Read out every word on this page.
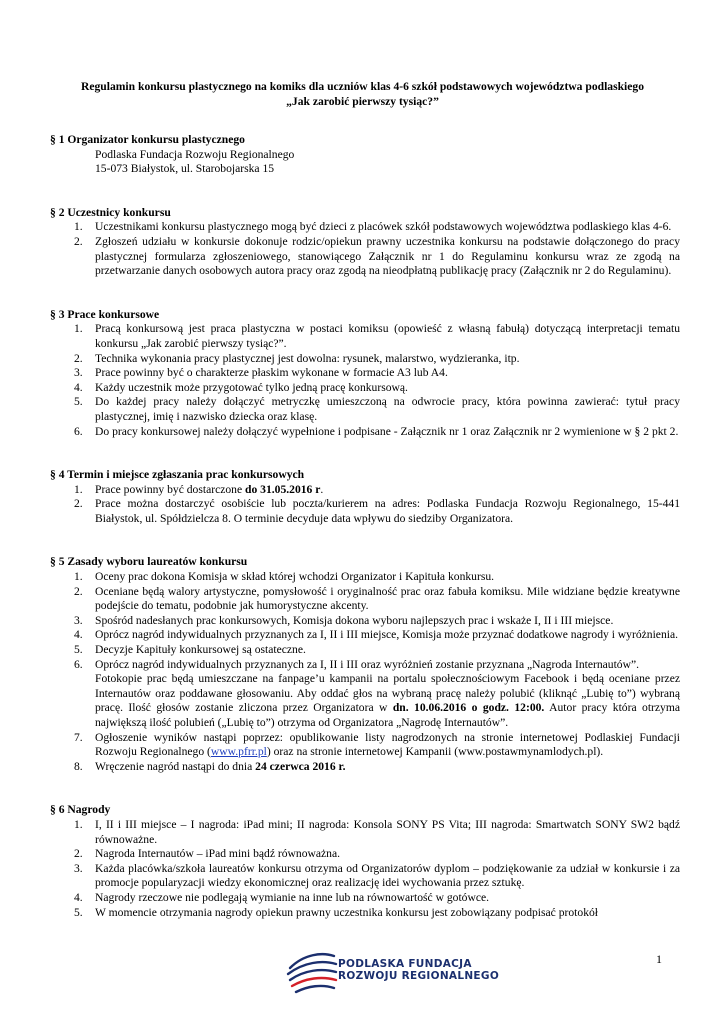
Regulamin konkursu plastycznego na komiks dla uczniów klas 4-6 szkół podstawowych województwa podlaskiego
„Jak zarobić pierwszy tysiąc?”

§ 1 Organizator konkursu plastycznego

Podlaska Fundacja Rozwoju Regionalnego
15-073 Białystok, ul. Starobojarska 15

§ 2 Uczestnicy konkursu

1. Uczestnikami konkursu plastycznego mogą być dzieci z placówek szkół podstawowych województwa podlaskiego klas 4-6.
2. Zgłoszeń udziału w konkursie dokonuje rodzic/opiekun prawny uczestnika konkursu na podstawie dołączonego do pracy plastycznej formularza zgłoszeniowego, stanowiącego Załącznik nr 1 do Regulaminu konkursu wraz ze zgodą na przetwarzanie danych osobowych autora pracy oraz zgodą na nieodpłatną publikację pracy (Załącznik nr 2 do Regulaminu).

§ 3 Prace konkursowe

1. Pracą konkursową jest praca plastyczna w postaci komiksu (opowieść z własną fabułą) dotyczącą interpretacji tematu konkursu „Jak zarobić pierwszy tysiąc?”.
2. Technika wykonania pracy plastycznej jest dowolna: rysunek, malarstwo, wydzieranka, itp.
3. Prace powinny być o charakterze płaskim wykonane w formacie A3 lub A4.
4. Każdy uczestnik może przygotować tylko jedną pracę konkursową.
5. Do każdej pracy należy dołączyć metryczkę umieszczoną na odwrocie pracy, która powinna zawierać: tytuł pracy plastycznej, imię i nazwisko dziecka oraz klasę.
6. Do pracy konkursowej należy dołączyć wypełnione i podpisane - Załącznik nr 1 oraz Załącznik nr 2 wymienione w § 2 pkt 2.

§ 4 Termin i miejsce zgłaszania prac konkursowych

1. Prace powinny być dostarczone do 31.05.2016 r.
2. Prace można dostarczyć osobiście lub poczta/kurierem na adres: Podlaska Fundacja Rozwoju Regionalnego, 15-441 Białystok, ul. Spółdzielcza 8. O terminie decyduje data wpływu do siedziby Organizatora.

§ 5 Zasady wyboru laureatów konkursu

1. Oceny prac dokona Komisja w skład której wchodzi Organizator i Kapituła konkursu.
2. Oceniane będą walory artystyczne, pomysłowość i oryginalność prac oraz fabuła komiksu. Mile widziane będzie kreatywne podejście do tematu, podobnie jak humorystyczne akcenty.
3. Spośród nadesłanych prac konkursowych, Komisja dokona wyboru najlepszych prac i wskaże I, II i III miejsce.
4. Oprócz nagród indywidualnych przyznanych za I, II i III miejsce, Komisja może przyznać dodatkowe nagrody i wyróżnienia.
5. Decyzje Kapituły konkursowej są ostateczne.
6. Oprócz nagród indywidualnych przyznanych za I, II i III oraz wyróżnień zostanie przyznana „Nagroda Internautów”.
Fotokopie prac będą umieszczane na fanpage’u kampanii na portalu społecznościowym Facebook i będą oceniane przez Internautów oraz poddawane głosowaniu. Aby oddać głos na wybraną pracę należy polubić (kliknąć „Lubię to”) wybraną pracę. Ilość głosów zostanie zliczona przez Organizatora w dn. 10.06.2016 o godz. 12:00. Autor pracy która otrzyma największą ilość polubień („Lubię to”) otrzyma od Organizatora „Nagrodę Internautów”.
7. Ogłoszenie wyników nastąpi poprzez: opublikowanie listy nagrodzonych na stronie internetowej Podlaskiej Fundacji Rozwoju Regionalnego (www.pfrr.pl) oraz na stronie internetowej Kampanii (www.postawmynamlodych.pl).
8. Wręczenie nagród nastąpi do dnia 24 czerwca 2016 r.

§ 6 Nagrody

1. I, II i III miejsce – I nagroda: iPad mini; II nagroda: Konsola SONY PS Vita; III nagroda: Smartwatch SONY SW2 bądź równoważne.
2. Nagroda Internautów – iPad mini bądź równoważna.
3. Każda placówka/szkoła laureatów konkursu otrzyma od Organizatorów dyplom – podziękowanie za udział w konkursie i za promocje popularyzacji wiedzy ekonomicznej oraz realizację idei wychowania przez sztukę.
4. Nagrody rzeczowe nie podlegają wymianie na inne lub na równowartość w gotówce.
5. W momencie otrzymania nagrody opiekun prawny uczestnika konkursu jest zobowiązany podpisać protokół
PODLASKA FUNDACJA
ROZWOJU REGIONALNEGO
1
